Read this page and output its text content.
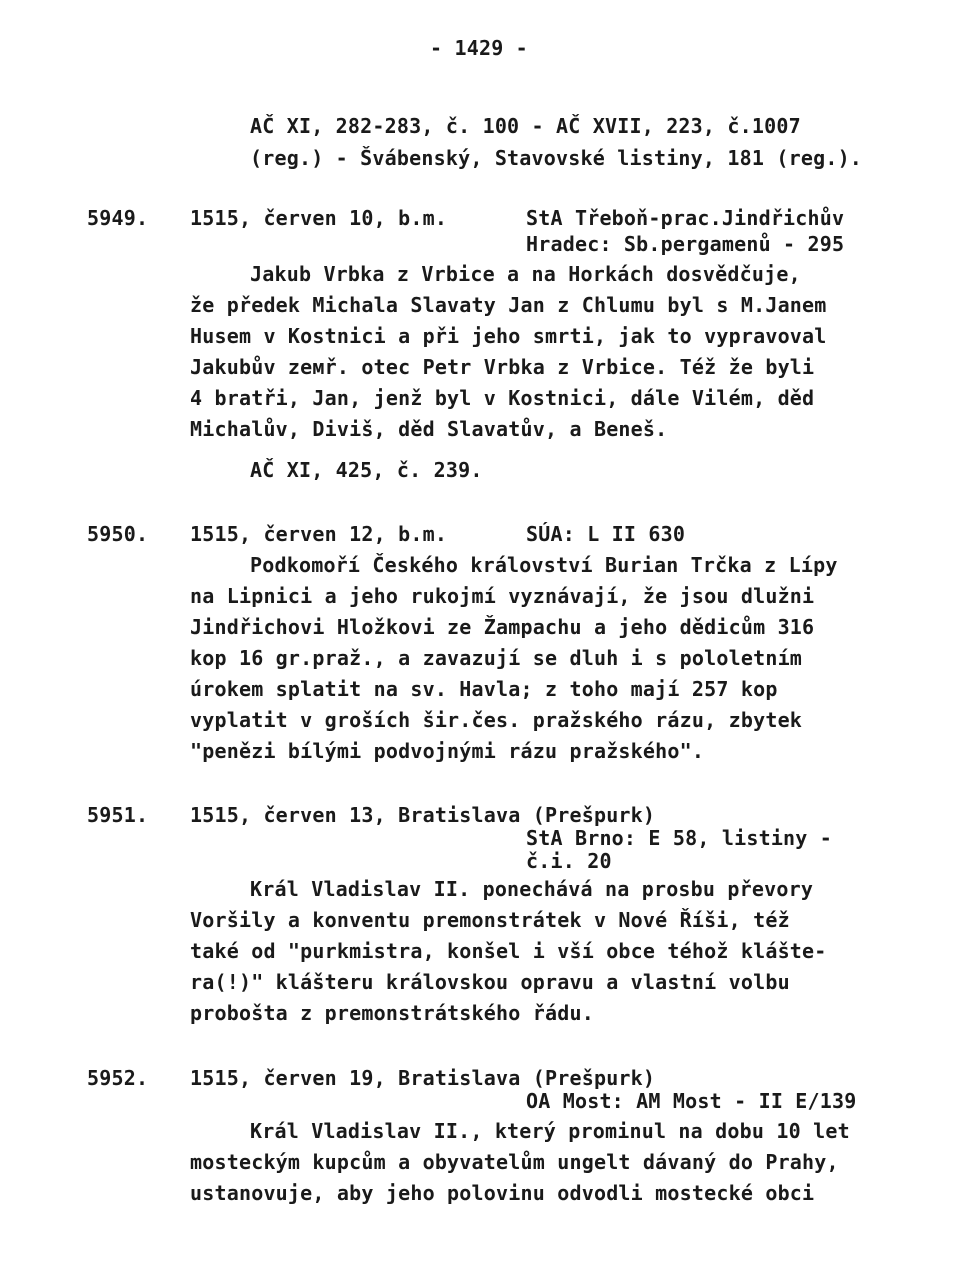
- 1429 -
AČ XI, 282-283, č. 100 - AČ XVII, 223, č.1007
(reg.) - Švábenský, Stavovské listiny, 181 (reg.).
5949. 1515, červen 10, b.m.	StA Třeboň-prac.Jindřichův
Hradec: Sb.pergamenů - 295
Jakub Vrbka z Vrbice a na Horkách dosvědčuje,
že předek Michala Slavaty Jan z Chlumu byl s M.Janem
Husem v Kostnici a při jeho smrti, jak to vypravoval
Jakubův zeмř. otec Petr Vrbka z Vrbice. Též že byli
4 bratři, Jan, jenž byl v Kostnici, dále Vilém, děd
Michalův, Diviš, děd Slavatův, a Beneš.
AČ XI, 425, č. 239.
5950. 1515, červen 12, b.m.	SÚA: L II 630
Podkomoří Českého království Burian Trčka z Lípy
na Lipnici a jeho rukojmí vyznávají, že jsou dlužni
Jindřichovi Hložkovi ze Žampachu a jeho dědicům 316
kop 16 gr.praž., a zavazují se dluh i s pololetním
úrokem splatit na sv. Havla; z toho mají 257 kop
vyplatit v groších šir.čes. pražského rázu, zbytek
"penězi bílými podvojnými rázu pražského".
5951. 1515, červen 13, Bratislava (Prešpurk)
StA Brno: E 58, listiny -
č.i. 20
Král Vladislav II. ponechává na prosbu převory
Voršily a konventu premonstrátek v Nové Říši, též
také od "purkmistra, konšel i vší obce téhož klášte-
ra(!)" klášteru královskou opravu a vlastní volbu
proboštа z premonstrátského řádu.
5952. 1515, červen 19, Bratislava (Prešpurk)
OA Most: AM Most - II E/139
Král Vladislav II., který prominul na dobu 10 let
mosteckým kupcům a obyvatelům ungelt dávaný do Prahy,
ustanovuje, aby jeho polovinu odvodli mostecké obci
